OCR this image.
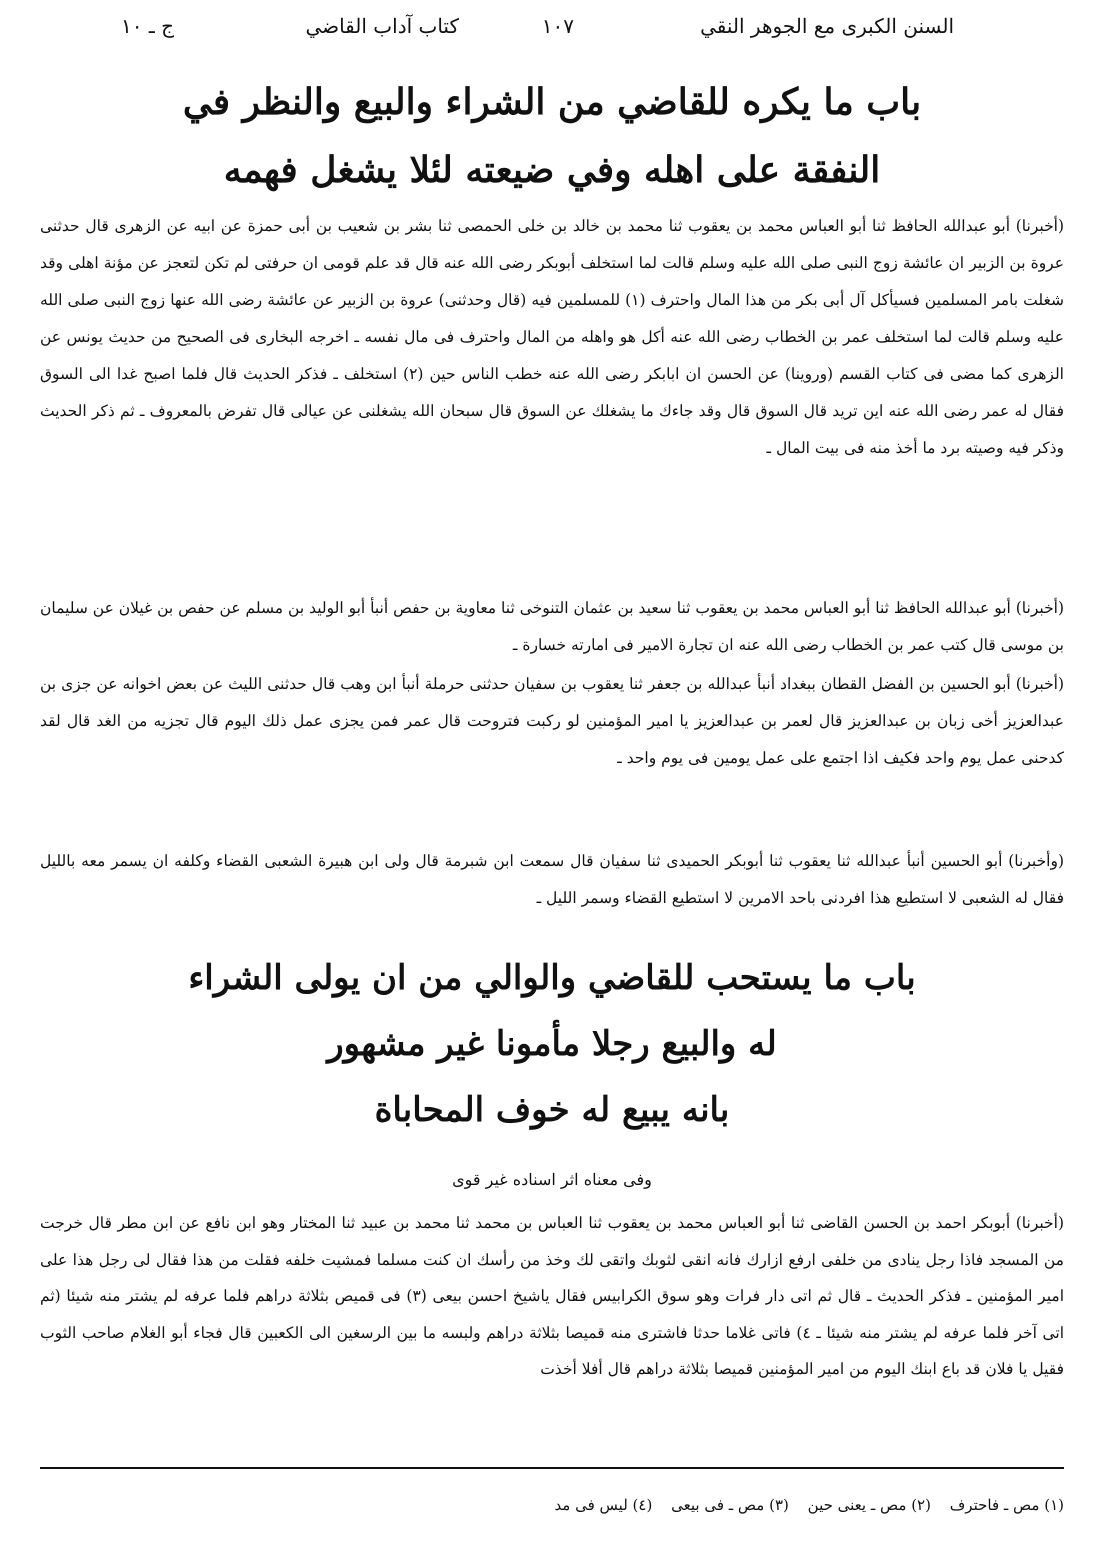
السنن الكبرى مع الجوهر النقي
١٠٧
كتاب آداب القاضي
ج ـ ١٠
باب ما يكره للقاضي من الشراء والبيع والنظر في
النفقة على اهله وفي ضيعته لئلا يشغل فهمه
(أخبرنا) أبو عبدالله الحافظ ثنا أبو العباس محمد بن يعقوب ثنا محمد بن خالد بن خلى الحمصى ثنا بشر بن شعيب بن أبى حمزة عن ابيه عن الزهرى قال حدثنى عروة بن الزبير ان عائشة زوج النبى صلى الله عليه وسلم قالت لما استخلف أبوبكر رضى الله عنه قال قد علم قومى ان حرفتى لم تكن لتعجز عن مؤنة اهلى وقد شغلت بامر المسلمين فسيأكل آل أبى بكر من هذا المال واحترف (١) للمسلمين فيه (قال وحدثنى) عروة بن الزبير عن عائشة رضى الله عنها زوج النبى صلى الله عليه وسلم قالت لما استخلف عمر بن الخطاب رضى الله عنه أكل هو واهله من المال واحترف فى مال نفسه ـ اخرجه البخارى فى الصحيح من حديث يونس عن الزهرى كما مضى فى كتاب القسم (وروينا) عن الحسن ان ابابكر رضى الله عنه خطب الناس حين (٢) استخلف ـ فذكر الحديث قال فلما اصبح غدا الى السوق فقال له عمر رضى الله عنه اين تريد قال السوق قال وقد جاءك ما يشغلك عن السوق قال سبحان الله يشغلنى عن عيالى قال تفرض بالمعروف ـ ثم ذكر الحديث وذكر فيه وصيته برد ما أخذ منه فى بيت المال ـ
(أخبرنا) أبو عبدالله الحافظ ثنا أبو العباس محمد بن يعقوب ثنا سعيد بن عثمان التنوخى ثنا معاوية بن حفص أنبأ أبو الوليد بن مسلم عن حفص بن غيلان عن سليمان بن موسى قال كتب عمر بن الخطاب رضى الله عنه ان تجارة الامير فى امارته خسارة ـ
(أخبرنا) أبو الحسين بن الفضل القطان ببغداد أنبأ عبدالله بن جعفر ثنا يعقوب بن سفيان حدثنى حرملة أنبأ ابن وهب قال حدثنى الليث عن بعض اخوانه عن جزى بن عبدالعزيز أخى زبان بن عبدالعزيز قال لعمر بن عبدالعزيز يا امير المؤمنين لو ركبت فتروحت قال عمر فمن يجزى عمل ذلك اليوم قال تجزيه من الغد قال لقد كدحنى عمل يوم واحد فكيف اذا اجتمع على عمل يومين فى يوم واحد ـ
(وأخبرنا) أبو الحسين أنبأ عبدالله ثنا يعقوب ثنا أبوبكر الحميدى ثنا سفيان قال سمعت ابن شبرمة قال ولى ابن هبيرة الشعبى القضاء وكلفه ان يسمر معه بالليل فقال له الشعبى لا استطيع هذا افردنى باحد الامرين لا استطيع القضاء وسمر الليل ـ
باب ما يستحب للقاضي والوالي من ان يولى الشراء
له والبيع رجلا مأمونا غير مشهور
بانه يبيع له خوف المحاباة
وفى معناه اثر اسناده غير قوى
(أخبرنا) أبوبكر احمد بن الحسن القاضى ثنا أبو العباس محمد بن يعقوب ثنا العباس بن محمد ثنا محمد بن عبيد ثنا المختار وهو ابن نافع عن ابن مطر قال خرجت من المسجد فاذا رجل ينادى من خلفى ارفع ازارك فانه انقى لثوبك واتقى لك وخذ من رأسك ان كنت مسلما فمشيت خلفه فقلت من هذا فقال لى رجل هذا على امير المؤمنين ـ فذكر الحديث ـ قال ثم اتى دار فرات وهو سوق الكرابيس فقال ياشيخ احسن بيعى (٣) فى قميص بثلاثة دراهم فلما عرفه لم يشتر منه شيئا (ثم اتى آخر فلما عرفه لم يشتر منه شيئا ـ ٤) فاتى غلاما حدثا فاشترى منه قميصا بثلاثة دراهم ولبسه ما بين الرسغين الى الكعبين قال فجاء أبو الغلام صاحب الثوب فقيل يا فلان قد باع ابنك اليوم من امير المؤمنين قميصا بثلاثة دراهم قال أفلا أخذت
(١) مص ـ فاحترف (٢) مص ـ يعنى حين (٣) مص ـ فى بيعى (٤) ليس فى مد
